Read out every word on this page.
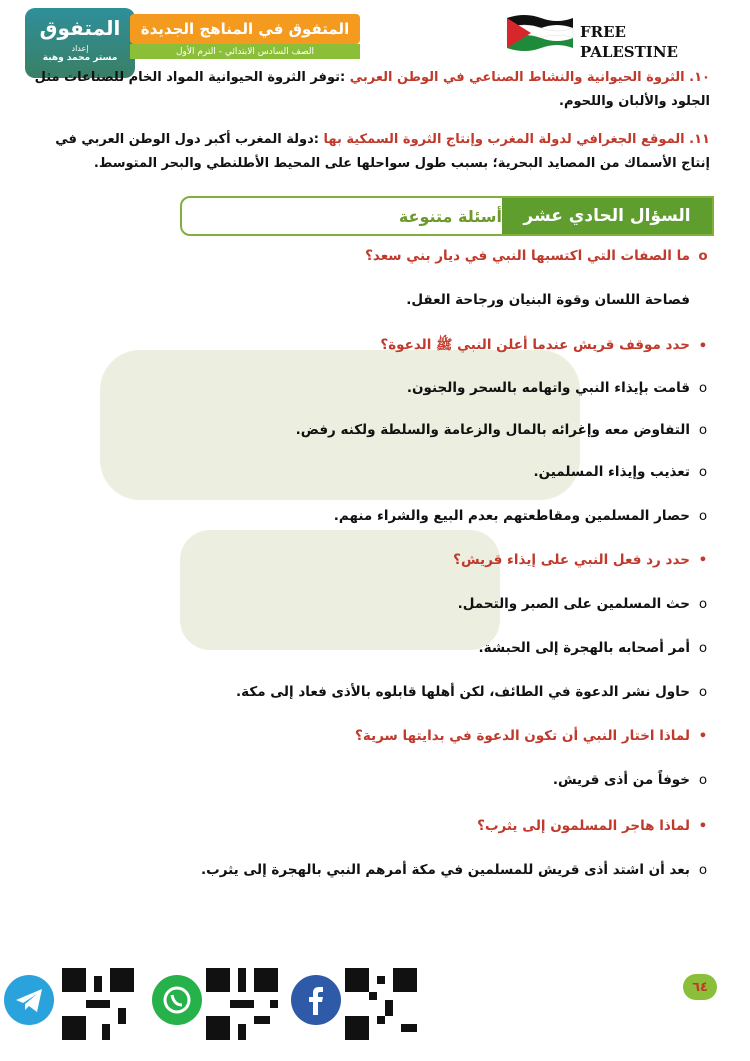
المتفوق
إعداد
مستر محمد وهبة
المتفوق في المناهج الجديدة
الصف السادس الابتدائي - الترم الأول
FREE
PALESTINE

١٠. الثروة الحيوانية والنشاط الصناعي في الوطن العربي :توفر الثروة الحيوانية المواد الخام للصناعات مثل الجلود والألبان واللحوم.

١١. الموقع الجغرافي لدولة المغرب وإنتاج الثروة السمكية بها :دولة المغرب أكبر دول الوطن العربي في إنتاج الأسماك من المصايد البحرية؛ بسبب طول سواحلها على المحيط الأطلنطي والبحر المتوسط.

السؤال الحادي عشر
أسئلة متنوعة
o
ما الصفات التي اكتسبها النبي في ديار بني سعد؟
فصاحة اللسان وقوة البنيان ورجاحة العقل.
•
حدد موقف قريش عندما أعلن النبي ﷺ الدعوة؟
o
قامت بإيذاء النبي واتهامه بالسحر والجنون.
o
التفاوض معه وإغرائه بالمال والزعامة والسلطة ولكنه رفض.
o
تعذيب وإيذاء المسلمين.
o
حصار المسلمين ومقاطعتهم بعدم البيع والشراء منهم.
•
حدد رد فعل النبي على إيذاء قريش؟
o
حث المسلمين على الصبر والتحمل.
o
أمر أصحابه بالهجرة إلى الحبشة.
o
حاول نشر الدعوة في الطائف، لكن أهلها قابلوه بالأذى فعاد إلى مكة.
•
لماذا اختار النبي أن تكون الدعوة في بدايتها سرية؟
o
خوفاً من أذى قريش.
•
لماذا هاجر المسلمون إلى يثرب؟
o
بعد أن اشتد أذى قريش للمسلمين في مكة أمرهم النبي بالهجرة إلى يثرب.
٦٤
